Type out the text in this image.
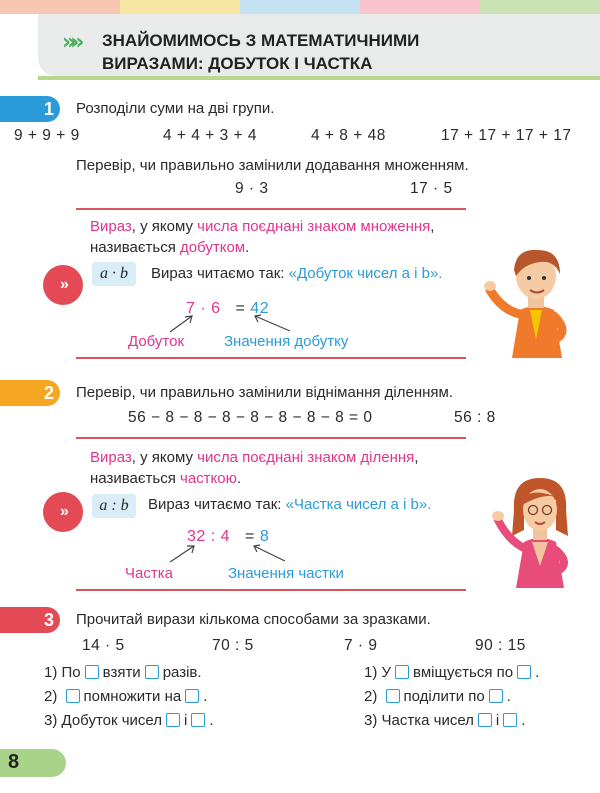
»» ЗНАЙОМИМОСЬ З МАТЕМАТИЧНИМИ
ВИРАЗАМИ: ДОБУТОК І ЧАСТКА
1 Розподіли суми на дві групи.
9 + 9 + 9	4 + 4 + 3 + 4	4 + 8 + 48	17 + 17 + 17 + 17
Перевір, чи правильно замінили додавання множенням.
9 · 3	17 · 5
Вираз, у якому числа поєднані знаком множення,
називається добутком.
»
a · b Вираз читаємо так: «Добуток чисел a і b».
7 · 6 = 42
Добуток	Значення добутку
2 Перевір, чи правильно замінили віднімання діленням.
56 − 8 − 8 − 8 − 8 − 8 − 8 − 8 = 0	56 : 8
Вираз, у якому числа поєднані знаком ділення,
називається часткою.
»	a : b Вираз читаємо так: «Частка чисел a і b».
32 : 4 = 8
Частка	Значення частки
3 Прочитай вирази кількома способами за зразками.
14 · 5	70 : 5	7 · 9	90 : 15
1) По взяти разів.
2) помножити на .
3) Добуток чисел і .
1) У вміщується по .
2) поділити по .
3) Частка чисел і .
8
